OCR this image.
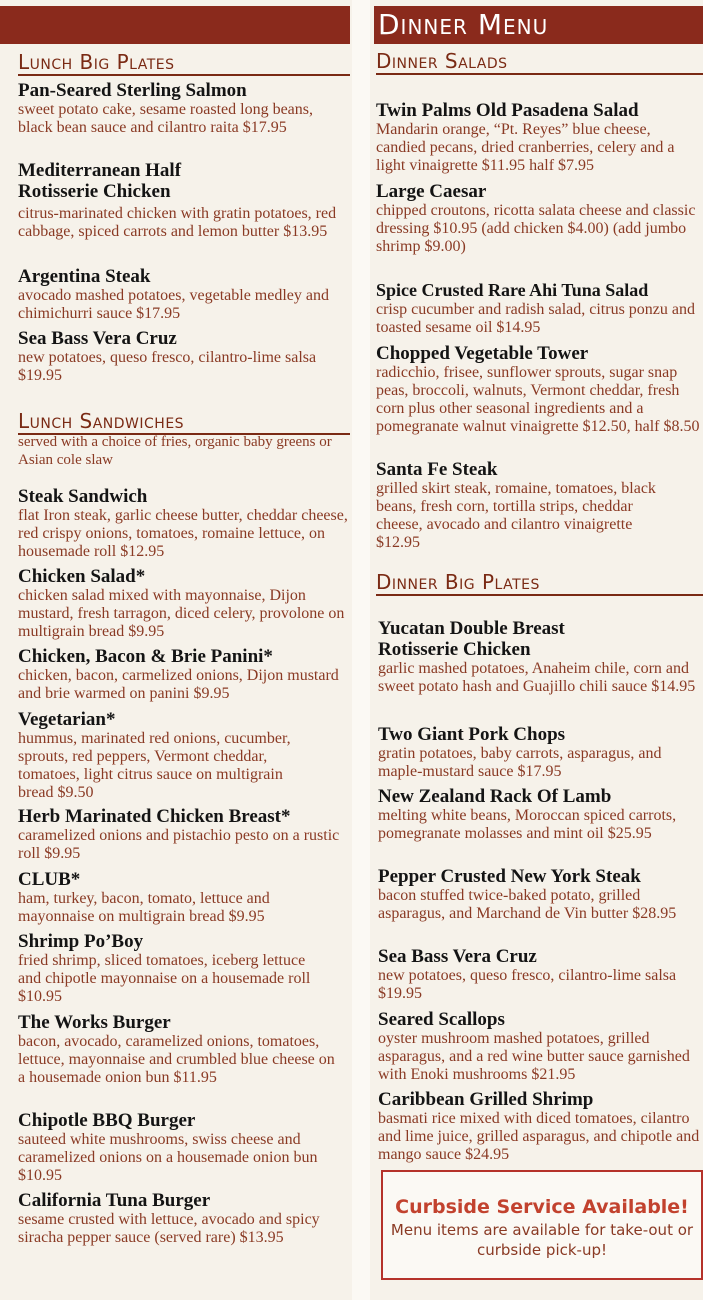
Dinner Menu
Lunch Big Plates
Pan-Seared Sterling Salmon
sweet potato cake, sesame roasted long beans, black bean sauce and cilantro raita $17.95
Mediterranean Half Rotisserie Chicken
citrus-marinated chicken with gratin potatoes, red cabbage, spiced carrots and lemon butter $13.95
Argentina Steak
avocado mashed potatoes, vegetable medley and chimichurri sauce $17.95
Sea Bass Vera Cruz
new potatoes, queso fresco, cilantro-lime salsa $19.95
Lunch Sandwiches
served with a choice of fries, organic baby greens or Asian cole slaw
Steak Sandwich
flat Iron steak, garlic cheese butter, cheddar cheese, red crispy onions, tomatoes, romaine lettuce, on housemade roll $12.95
Chicken Salad*
chicken salad mixed with mayonnaise, Dijon mustard, fresh tarragon, diced celery, provolone on multigrain bread $9.95
Chicken, Bacon & Brie Panini*
chicken, bacon, carmelized onions, Dijon mustard and brie warmed on panini $9.95
Vegetarian*
hummus, marinated red onions, cucumber, sprouts, red peppers, Vermont cheddar, tomatoes, light citrus sauce on multigrain bread $9.50
Herb Marinated Chicken Breast*
caramelized onions and pistachio pesto on a rustic roll $9.95
CLUB*
ham, turkey, bacon, tomato, lettuce and mayonnaise on multigrain bread $9.95
Shrimp Po’Boy
fried shrimp, sliced tomatoes, iceberg lettuce and chipotle mayonnaise on a housemade roll $10.95
The Works Burger
bacon, avocado, caramelized onions, tomatoes, lettuce, mayonnaise and crumbled blue cheese on a housemade onion bun $11.95
Chipotle BBQ Burger
sauteed white mushrooms, swiss cheese and caramelized onions on a housemade onion bun $10.95
California Tuna Burger
sesame crusted with lettuce, avocado and spicy siracha pepper sauce (served rare) $13.95
Dinner Salads
Twin Palms Old Pasadena Salad
Mandarin orange, “Pt. Reyes” blue cheese, candied pecans, dried cranberries, celery and a light vinaigrette $11.95 half $7.95
Large Caesar
chipped croutons, ricotta salata cheese and classic dressing $10.95 (add chicken $4.00) (add jumbo shrimp $9.00)
Spice Crusted Rare Ahi Tuna Salad
crisp cucumber and radish salad, citrus ponzu and toasted sesame oil $14.95
Chopped Vegetable Tower
radicchio, frisee, sunflower sprouts, sugar snap peas, broccoli, walnuts, Vermont cheddar, fresh corn plus other seasonal ingredients and a pomegranate walnut vinaigrette $12.50, half $8.50
Santa Fe Steak
grilled skirt steak, romaine, tomatoes, black beans, fresh corn, tortilla strips, cheddar cheese, avocado and cilantro vinaigrette $12.95
Dinner Big Plates
Yucatan Double Breast Rotisserie Chicken
garlic mashed potatoes, Anaheim chile, corn and sweet potato hash and Guajillo chili sauce $14.95
Two Giant Pork Chops
gratin potatoes, baby carrots, asparagus, and maple-mustard sauce $17.95
New Zealand Rack Of Lamb
melting white beans, Moroccan spiced carrots, pomegranate molasses and mint oil $25.95
Pepper Crusted New York Steak
bacon stuffed twice-baked potato, grilled asparagus, and Marchand de Vin butter $28.95
Sea Bass Vera Cruz
new potatoes, queso fresco, cilantro-lime salsa $19.95
Seared Scallops
oyster mushroom mashed potatoes, grilled asparagus, and a red wine butter sauce garnished with Enoki mushrooms $21.95
Caribbean Grilled Shrimp
basmati rice mixed with diced tomatoes, cilantro and lime juice, grilled asparagus, and chipotle and mango sauce $24.95
Curbside Service Available!
Menu items are available for take-out or curbside pick-up!
